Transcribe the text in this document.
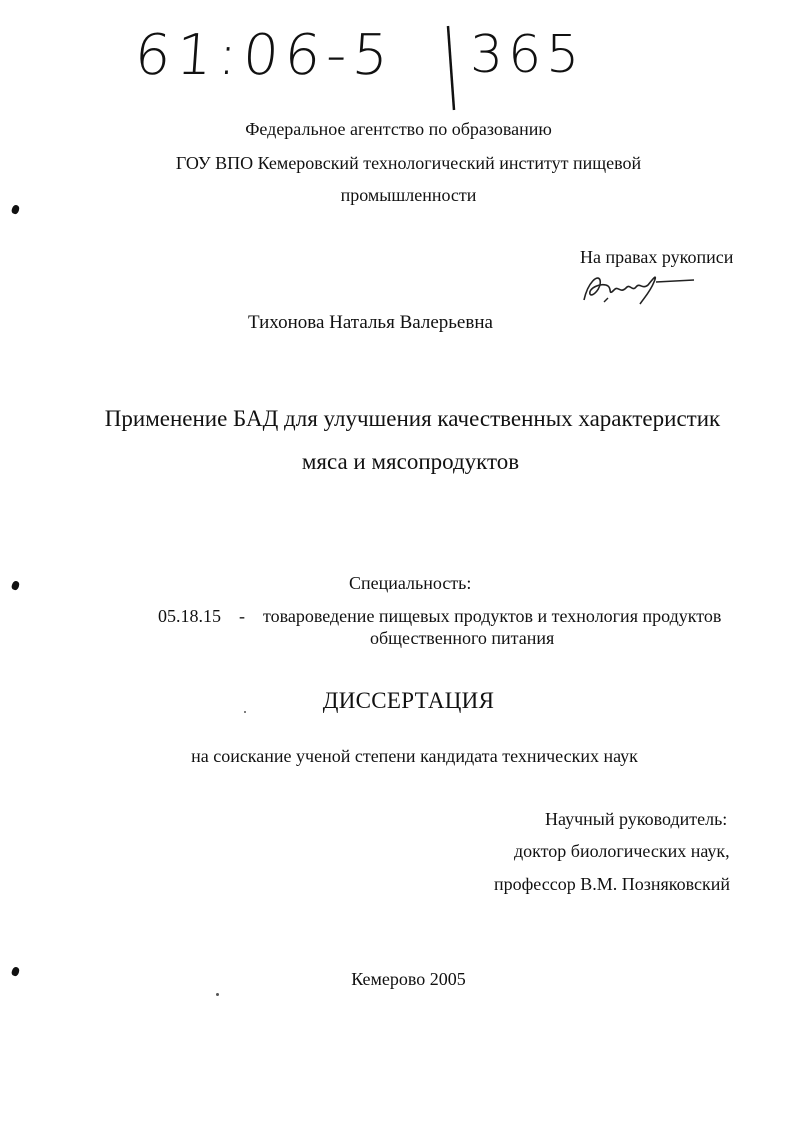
61:06-5 365
Федеральное агентство по образованию
ГОУ ВПО Кемеровский технологический институт пищевой
промышленности
На правах рукописи
Тихонова Наталья Валерьевна
Применение БАД для улучшения качественных характеристик
мяса и мясопродуктов
Специальность:
05.18.15 - товароведение пищевых продуктов и технология продуктов
общественного питания
ДИССЕРТАЦИЯ
на соискание ученой степени кандидата технических наук
Научный руководитель:
доктор биологических наук,
профессор В.М. Позняковский
Кемерово 2005
